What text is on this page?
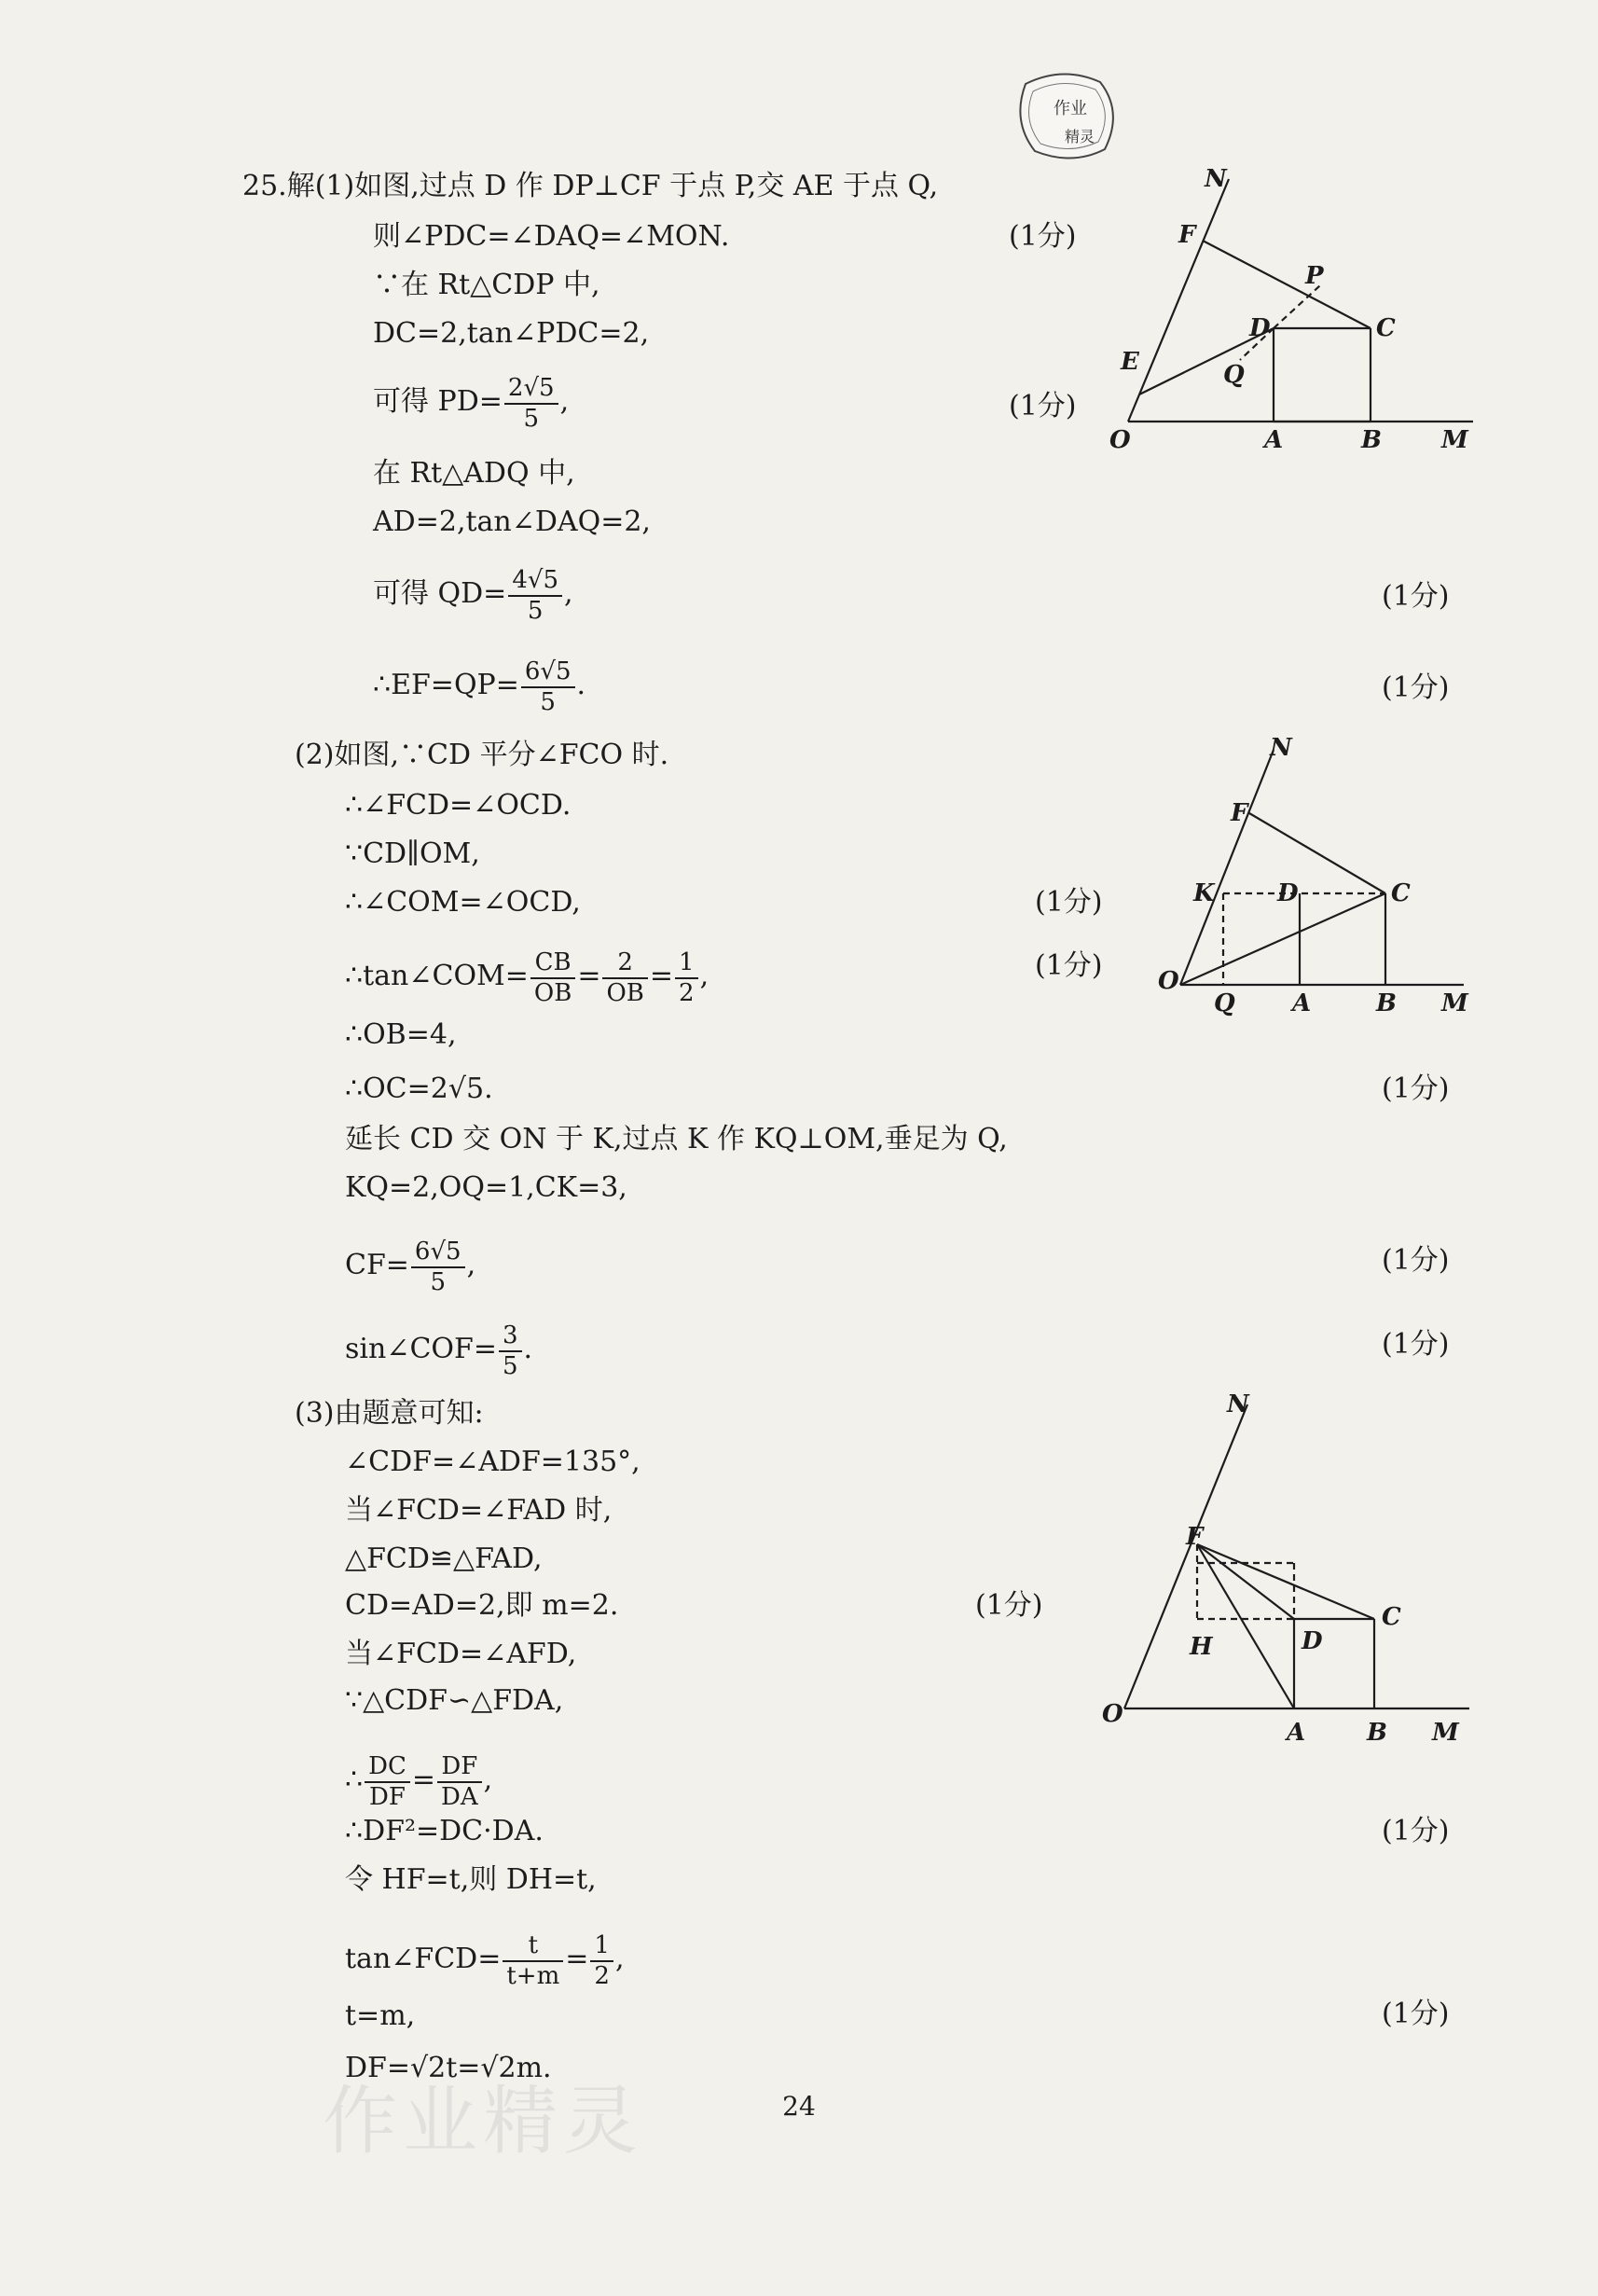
作业
精灵
25.解(1)如图,过点 D 作 DP⊥CF 于点 P,交 AE 于点 Q,
则∠PDC=∠DAQ=∠MON.
∵在 Rt△CDP 中,
DC=2,tan∠PDC=2,
可得 $PD= \frac{2√5}{5}$ ,
在 Rt△ADQ 中,
AD=2,tan∠DAQ=2,
可得 $QD= \frac{4√5}{5}$ ,
∴EF=QP= $\frac{6√5}{5}$ .
(2)如图,∵CD 平分∠FCO 时.
∴∠FCD=∠OCD.
∵CD∥OM,
∴∠COM=∠OCD,
∴tan∠COM= $\frac{CB}{OB} = \frac{2}{OB} = \frac{1}{2}$ ,
∴OB=4,
∴OC=2√5.
延长 CD 交 ON 于 K,过点 K 作 KQ⊥OM,垂足为 Q,
KQ=2,OQ=1,CK=3,
$CF= \frac{6√5}{5}$ ,
sin∠COF= $\frac{3}{5}$ .
(3)由题意可知:
∠CDF=∠ADF=135°,
当∠FCD=∠FAD 时,
△FCD≌△FAD,
CD=AD=2,即 m=2.
当∠FCD=∠AFD,
∵△CDF∽△FDA,
∴ $\frac{DC}{DF} = \frac{DF}{DA}$ ,
∴DF²=DC·DA.
令 HF=t,则 DH=t,
tan∠FCD= $\frac{t}{t+m} = \frac{1}{2}$ ,
t=m,
DF=√2t=√2m.
(1分)
(1分)
(1分)
(1分)
(1分)
(1分)
(1分)
(1分)
(1分)
(1分)
(1分)
(1分)
N
F
P
C
D
E	Q
O	A	B M
N
F
K	D	C
O
Q A	B M
N
F
C
H	D
O
A	B M
作业精灵	24
